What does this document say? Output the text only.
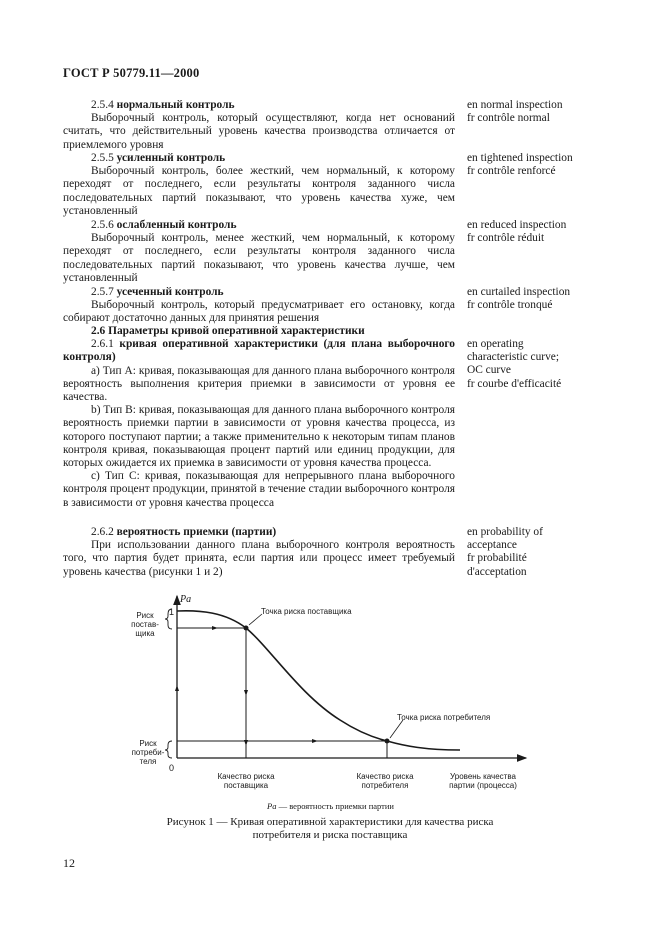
ГОСТ Р 50779.11—2000

2.5.4 нормальный контроль

Выборочный контроль, который осуществляют, когда нет оснований считать, что действительный уровень качества производства отличается от приемлемого уровня

en normal inspection
fr contrôle normal

2.5.5 усиленный контроль

Выборочный контроль, более жесткий, чем нормальный, к которому переходят от последнего, если результаты контроля заданного числа последовательных партий показывают, что уровень качества хуже, чем установленный

en tightened inspection
fr contrôle renforcé

2.5.6 ослабленный контроль

Выборочный контроль, менее жесткий, чем нормальный, к которому переходят от последнего, если результаты контроля заданного числа последовательных партий показывают, что уровень качества лучше, чем установленный

en reduced inspection
fr contrôle réduit

2.5.7 усеченный контроль

Выборочный контроль, который предусматривает его остановку, когда собирают достаточно данных для принятия решения

en curtailed inspection
fr contrôle tronqué

2.6 Параметры кривой оперативной характеристики

2.6.1 кривая оперативной характеристики (для плана выборочного контроля)

a) Тип A: кривая, показывающая для данного плана выборочного контроля вероятность выполнения критерия приемки в зависимости от уровня ее качества.

b) Тип B: кривая, показывающая для данного плана выборочного контроля вероятность приемки партии в зависимости от уровня качества процесса, из которого поступают партии; а также применительно к некоторым типам планов контроля кривая, показывающая процент партий или единиц продукции, для которых ожидается их приемка в зависимости от уровня качества процесса.

c) Тип C: кривая, показывающая для непрерывного плана выборочного контроля процент продукции, принятой в течение стадии выборочного контроля в зависимости от уровня качества процесса

en operating
characteristic curve;
OC curve
fr courbe d'efficacité

2.6.2 вероятность приемки (партии)

При использовании данного плана выборочного контроля вероятность того, что партия будет принята, если партия или процесс имеет требуемый уровень качества (рисунки 1 и 2)

en probability of
acceptance
fr probabilité
d'acceptation
Pa
1
0
Точка риска поставщика
Точка риска потребителя
Риск
постав-
щика
Риск
потреби-
теля
Качество риска
поставщика
Качество риска
потребителя
Уровень качества
партии (процесса)
Pa — вероятность приемки партии
Рисунок 1 — Кривая оперативной характеристики для качества риска
потребителя и риска поставщика
12
